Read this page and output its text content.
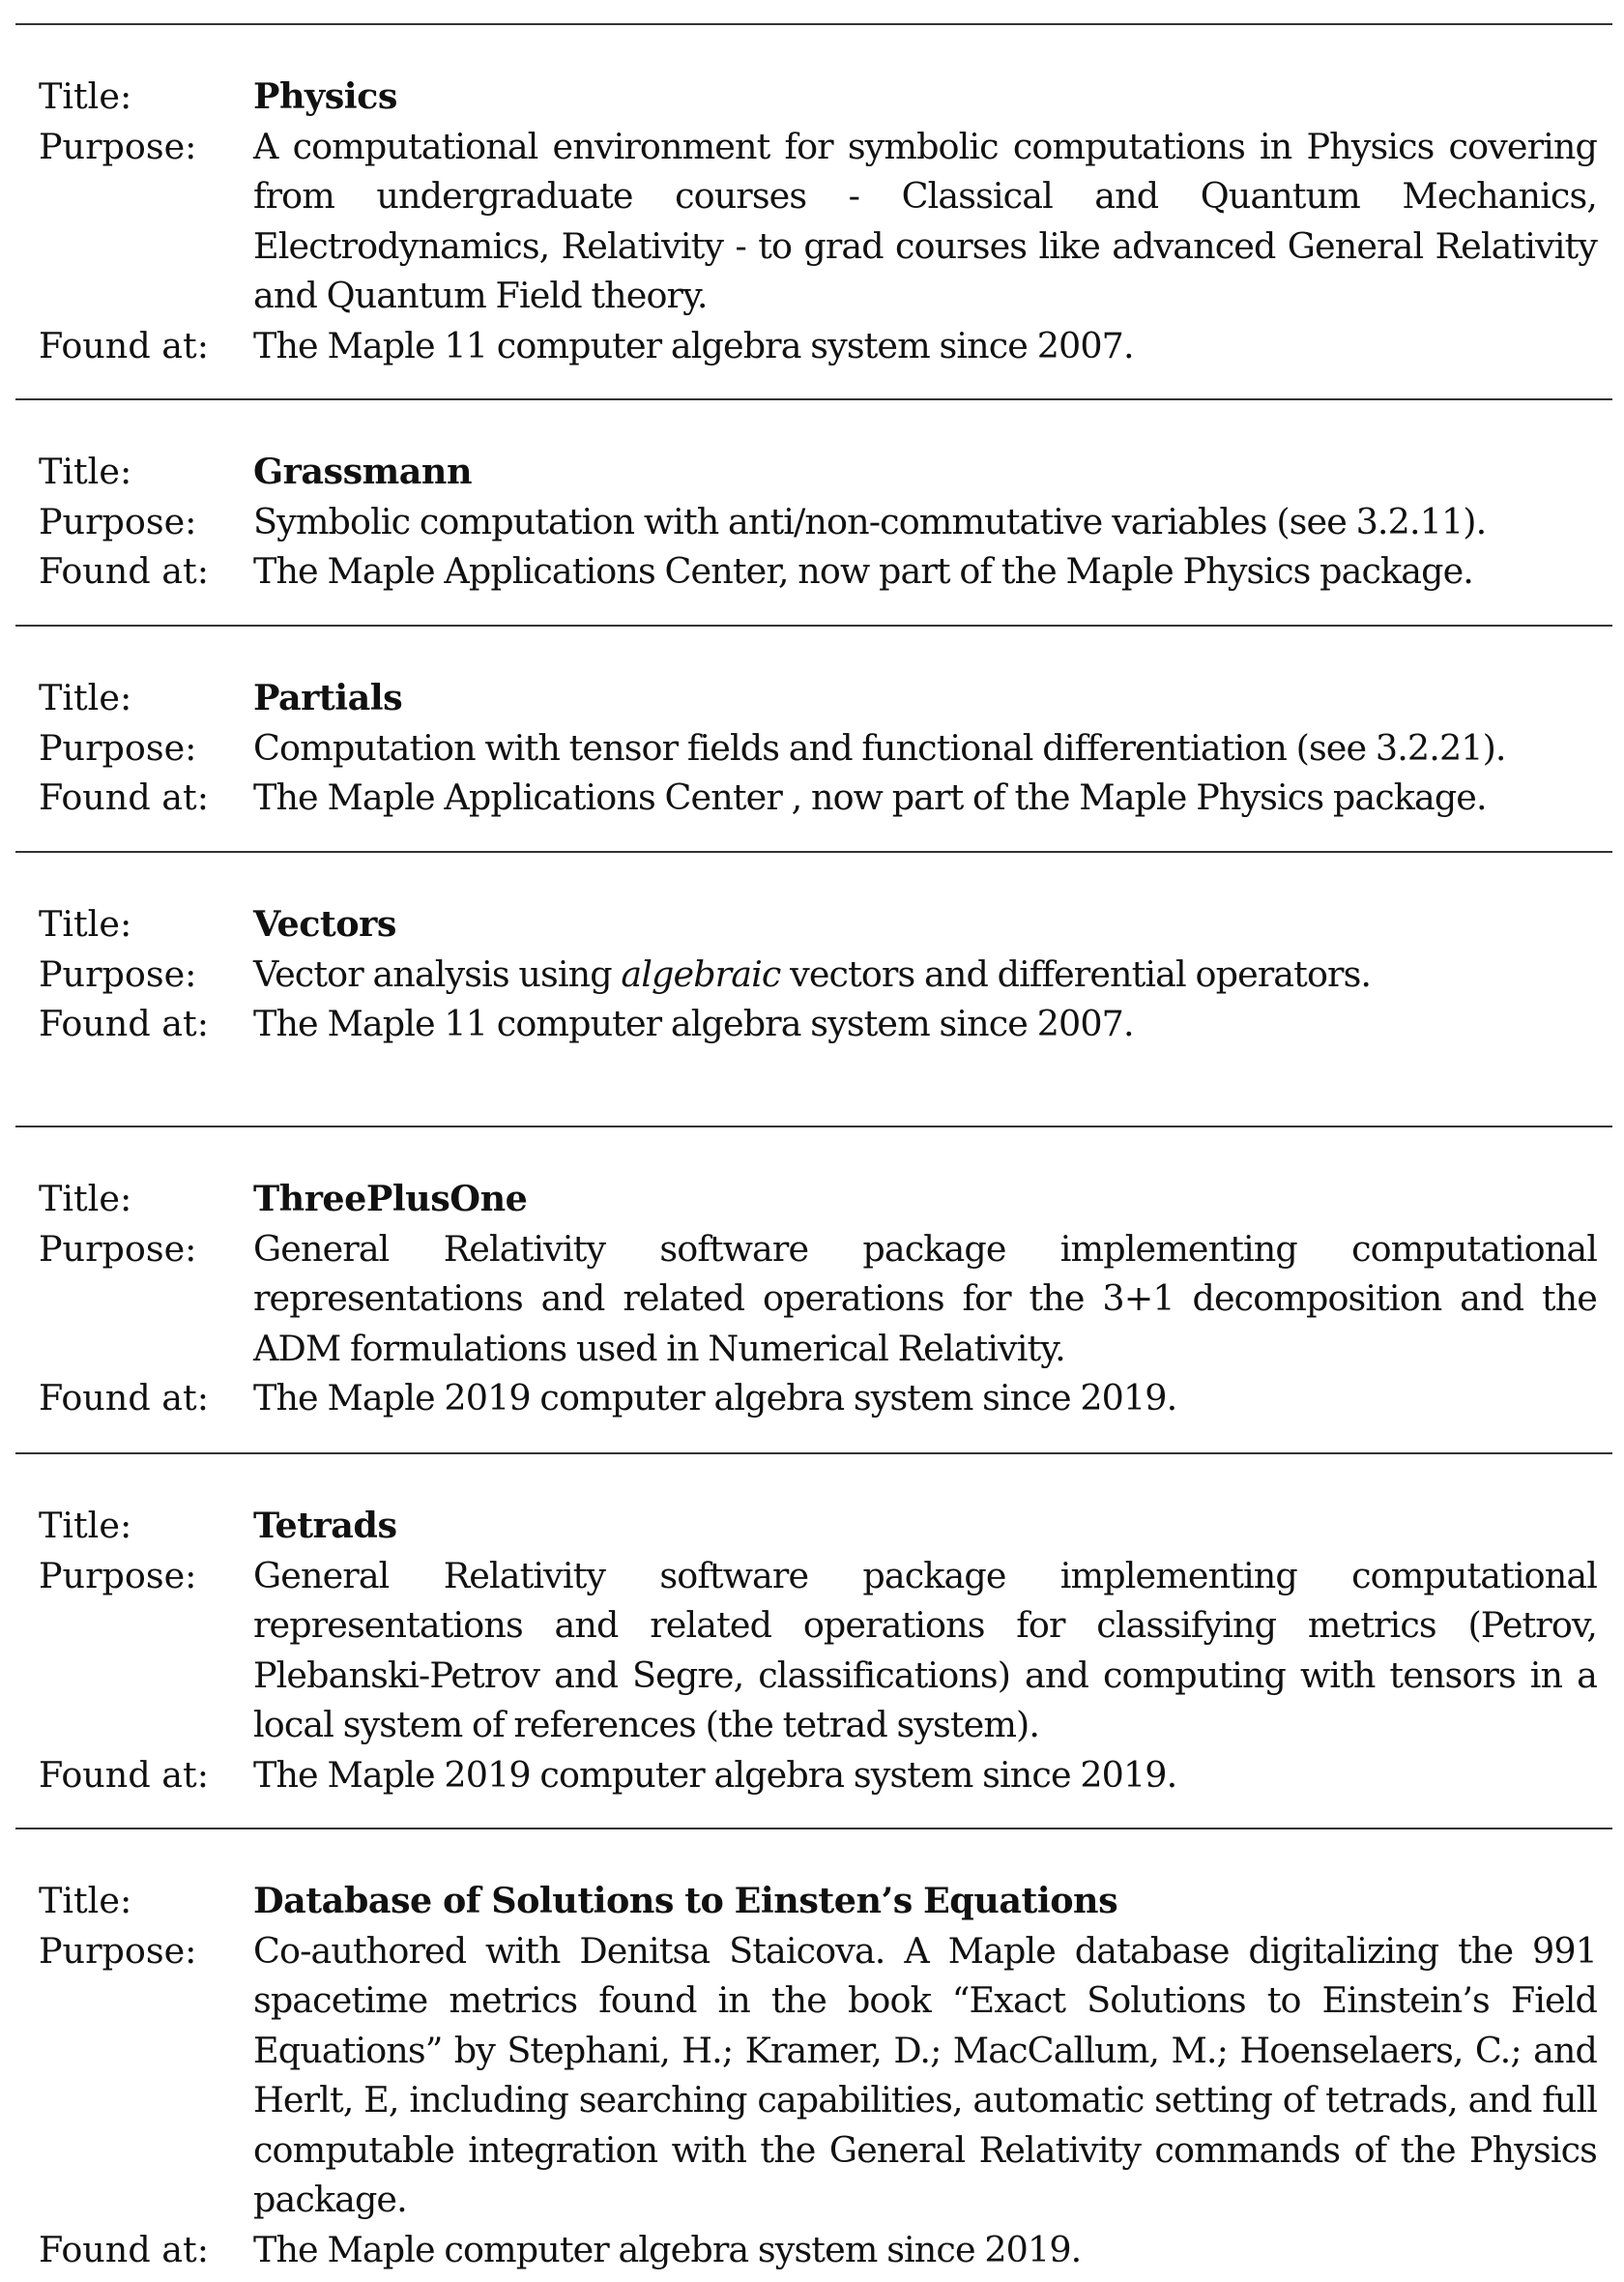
Title:	Physics
Purpose:	A computational environment for symbolic computations in Physics covering from undergraduate courses - Classical and Quantum Mechanics, Electrodynamics, Relativity - to grad courses like advanced General Relativity and Quantum Field theory.
Found at:	The Maple 11 computer algebra system since 2007.
Title:	Grassmann
Purpose:	Symbolic computation with anti/non-commutative variables (see 3.2.11).
Found at:	The Maple Applications Center, now part of the Maple Physics package.
Title:	Partials
Purpose:	Computation with tensor fields and functional differentiation (see 3.2.21).
Found at:	The Maple Applications Center , now part of the Maple Physics package.
Title:	Vectors
Purpose:	Vector analysis using algebraic vectors and differential operators.
Found at:	The Maple 11 computer algebra system since 2007.
Title:	ThreePlusOne
Purpose:	General Relativity software package implementing computational representations and related operations for the 3+1 decomposition and the ADM formulations used in Numerical Relativity.
Found at:	The Maple 2019 computer algebra system since 2019.
Title:	Tetrads
Purpose:	General Relativity software package implementing computational representations and related operations for classifying metrics (Petrov, Plebanski-Petrov and Segre, classifications) and computing with tensors in a local system of references (the tetrad system).
Found at:	The Maple 2019 computer algebra system since 2019.
Title:	Database of Solutions to Einsten’s Equations
Purpose:	Co-authored with Denitsa Staicova. A Maple database digitalizing the 991 spacetime metrics found in the book “Exact Solutions to Einstein’s Field Equations” by Stephani, H.; Kramer, D.; MacCallum, M.; Hoenselaers, C.; and Herlt, E, including searching capabilities, automatic setting of tetrads, and full computable integration with the General Relativity commands of the Physics package.
Found at:	The Maple computer algebra system since 2019.
